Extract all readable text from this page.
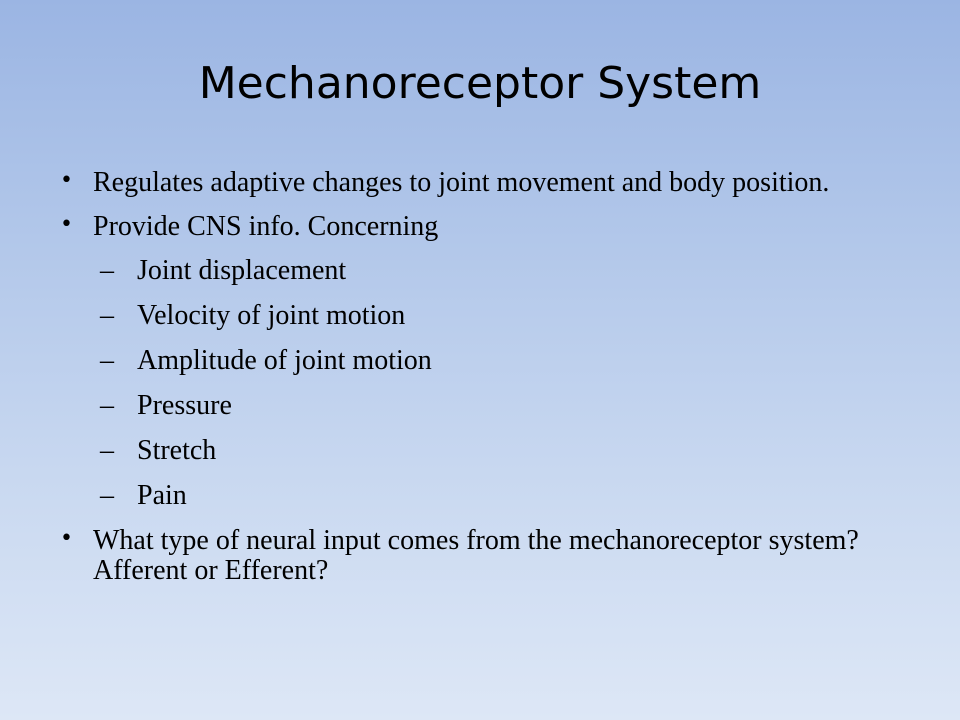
Mechanoreceptor System
• Regulates adaptive changes to joint movement and body position.
• Provide CNS info. Concerning
– Joint displacement
– Velocity of joint motion
– Amplitude of joint motion
– Pressure
– Stretch
– Pain
• What type of neural input comes from the mechanoreceptor system? Afferent or Efferent?
